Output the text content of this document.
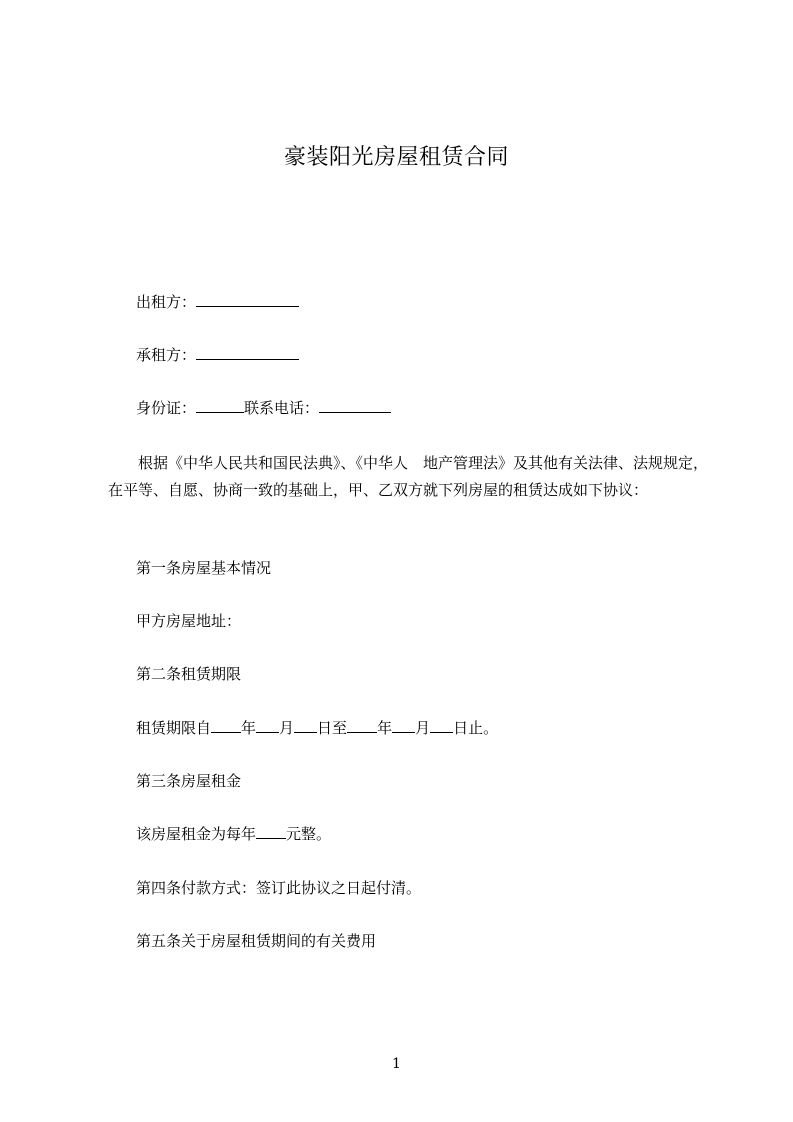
豪装阳光房屋租赁合同
出租方：
承租方：
身份证：	联系电话：
根据《中华人民共和国民法典》、《中华人　地产管理法》及其他有关法律、法规规定，在平等、自愿、协商一致的基础上，甲、乙双方就下列房屋的租赁达成如下协议：
第一条房屋基本情况
甲方房屋地址：
第二条租赁期限
租赁期限自 年 月 日至 年 月 日止。
第三条房屋租金
该房屋租金为每年 元整。
第四条付款方式：签订此协议之日起付清。
第五条关于房屋租赁期间的有关费用
1
